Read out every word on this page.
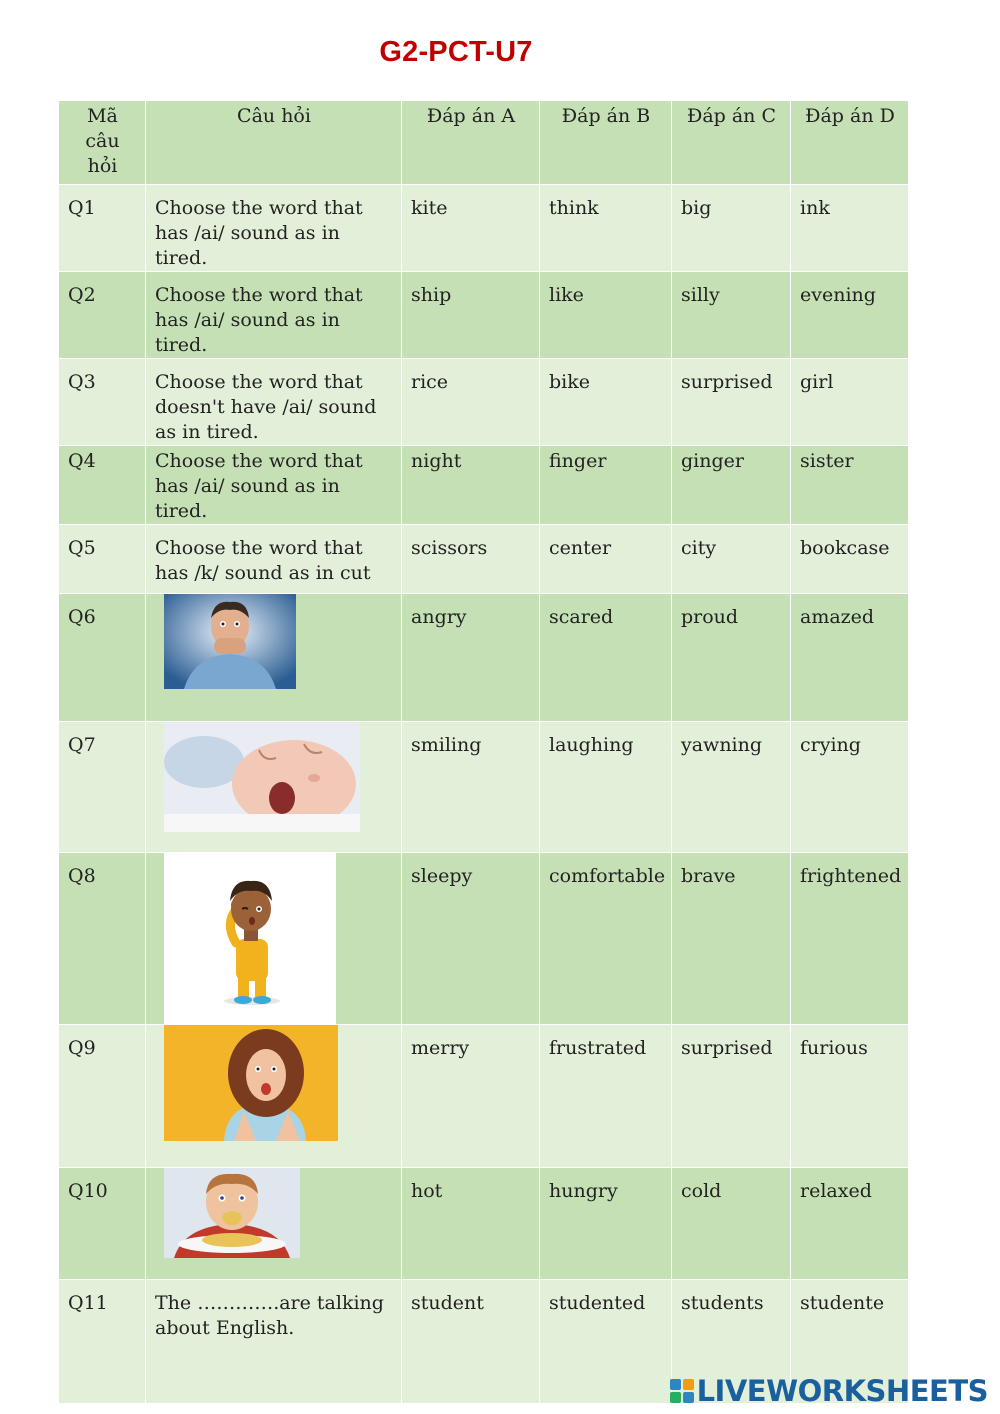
G2-PCT-U7
Mã câu hỏi	Câu hỏi	Đáp án A	Đáp án B	Đáp án C	Đáp án D
Q1	Choose the word that has /ai/ sound as in tired.	kite	think	big	ink
Q2	Choose the word that has /ai/ sound as in tired.	ship	like	silly	evening
Q3	Choose the word that doesn't have /ai/ sound as in tired.	rice	bike	surprised	girl
Q4	Choose the word that has /ai/ sound as in tired.	night	finger	ginger	sister
Q5	Choose the word that has /k/ sound as in cut	scissors	center	city	bookcase
Q6		angry	scared	proud	amazed
Q7		smiling	laughing	yawning	crying
Q8		sleepy	comfortable	brave	frightened
Q9		merry	frustrated	surprised	furious
Q10		hot	hungry	cold	relaxed
Q11	The ………….are talking about English.	student	studented	students	studente
LIVEWORKSHEETS
